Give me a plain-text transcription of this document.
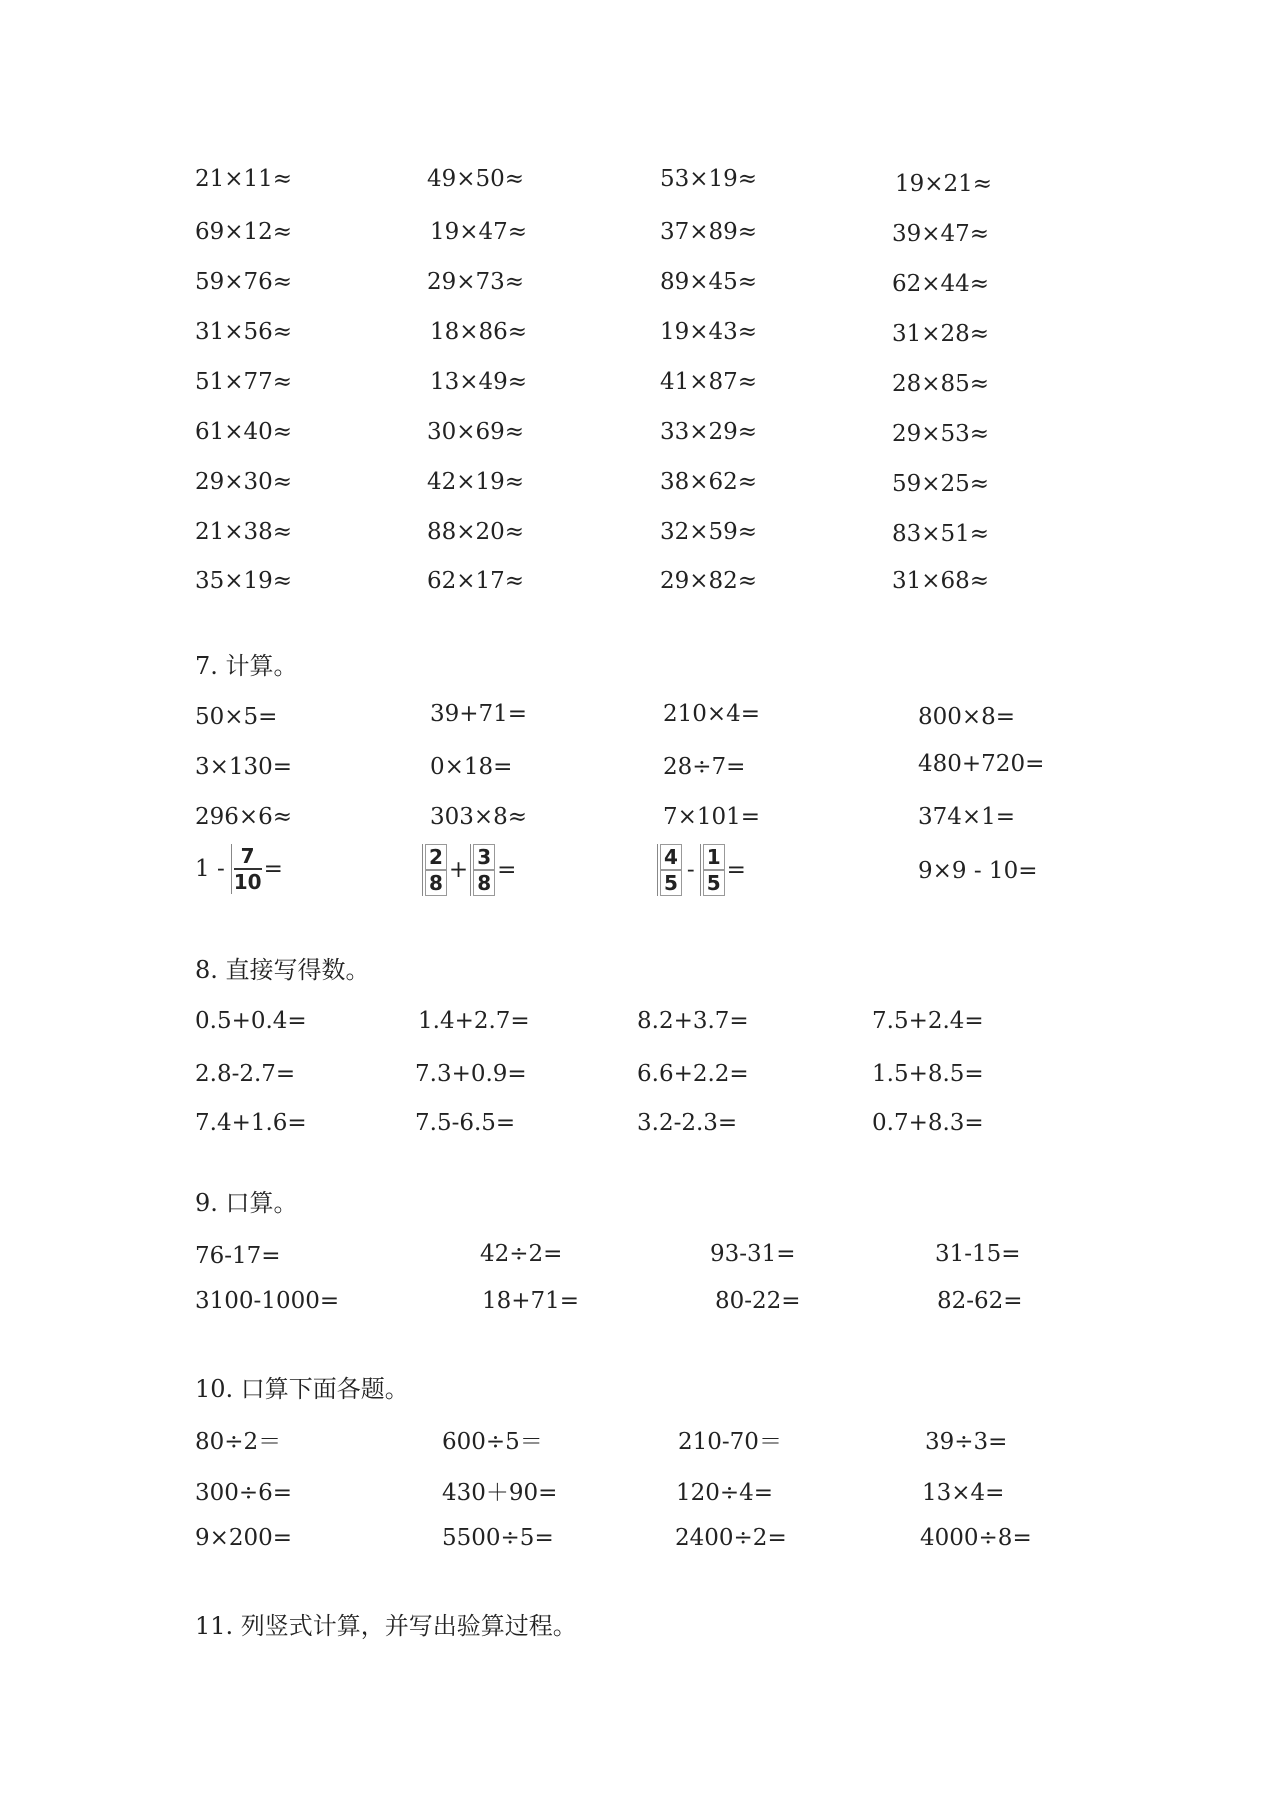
21×11≈	49×50≈	53×19≈	19×21≈
69×12≈	19×47≈	37×89≈	39×47≈
59×76≈	29×73≈	89×45≈	62×44≈
31×56≈	18×86≈	19×43≈	31×28≈
51×77≈	13×49≈	41×87≈	28×85≈
61×40≈	30×69≈	33×29≈	29×53≈
29×30≈	42×19≈	38×62≈	59×25≈
21×38≈	88×20≈	32×59≈	83×51≈
35×19≈	62×17≈	29×82≈	31×68≈
7. 计算。
50×5=	39+71=	210×4=	800×8=
3×130=	0×18=	28÷7=	480+720=
296×6≈	303×8≈	7×101=	374×1=
$1 - \frac{7}{10}$ =	$\frac{2}{8} + \frac{3}{8}$ =	$\frac{4}{5} - \frac{1}{5}$ =	9×9 - 10=
8. 直接写得数。
0.5+0.4=	1.4+2.7=	8.2+3.7=	7.5+2.4=
2.8-2.7=	7.3+0.9=	6.6+2.2=	1.5+8.5=
7.4+1.6=	7.5-6.5=	3.2-2.3=	0.7+8.3=
9. 口算。
76-17=	42÷2=	93-31=	31-15=
3100-1000=	18+71=	80-22=	82-62=
10. 口算下面各题。
80÷2＝	600÷5＝	210-70＝	39÷3=
300÷6=	430＋90=	120÷4=	13×4=
9×200=	5500÷5=	2400÷2=	4000÷8=
11. 列竖式计算，并写出验算过程。
